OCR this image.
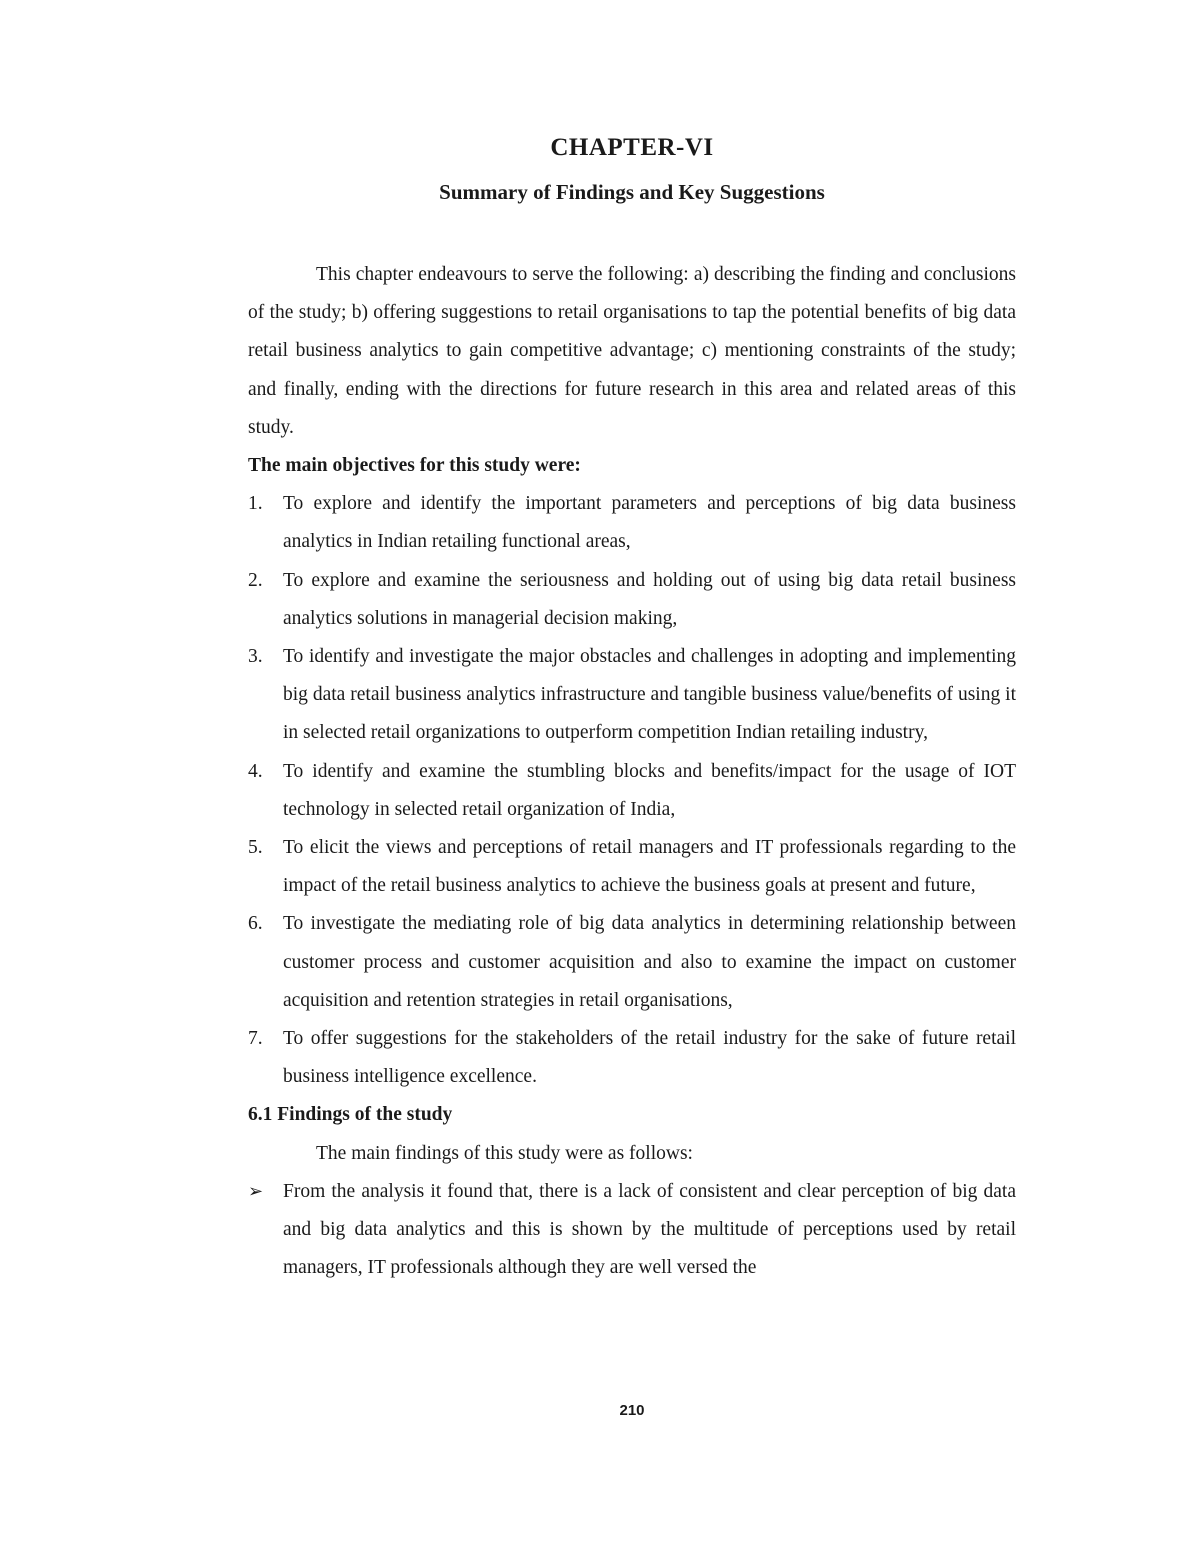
CHAPTER-VI
Summary of Findings and Key Suggestions

This chapter endeavours to serve the following: a) describing the finding and conclusions of the study; b) offering suggestions to retail organisations to tap the potential benefits of big data retail business analytics to gain competitive advantage; c) mentioning constraints of the study; and finally, ending with the directions for future research in this area and related areas of this study.

The main objectives for this study were:

1. To explore and identify the important parameters and perceptions of big data business analytics in Indian retailing functional areas,
2. To explore and examine the seriousness and holding out of using big data retail business analytics solutions in managerial decision making,
3. To identify and investigate the major obstacles and challenges in adopting and implementing big data retail business analytics infrastructure and tangible business value/benefits of using it in selected retail organizations to outperform competition Indian retailing industry,
4. To identify and examine the stumbling blocks and benefits/impact for the usage of IOT technology in selected retail organization of India,
5. To elicit the views and perceptions of retail managers and IT professionals regarding to the impact of the retail business analytics to achieve the business goals at present and future,
6. To investigate the mediating role of big data analytics in determining relationship between customer process and customer acquisition and also to examine the impact on customer acquisition and retention strategies in retail organisations,
7. To offer suggestions for the stakeholders of the retail industry for the sake of future retail business intelligence excellence.

6.1 Findings of the study

The main findings of this study were as follows:

➢ From the analysis it found that, there is a lack of consistent and clear perception of big data and big data analytics and this is shown by the multitude of perceptions used by retail managers, IT professionals although they are well versed the
210
